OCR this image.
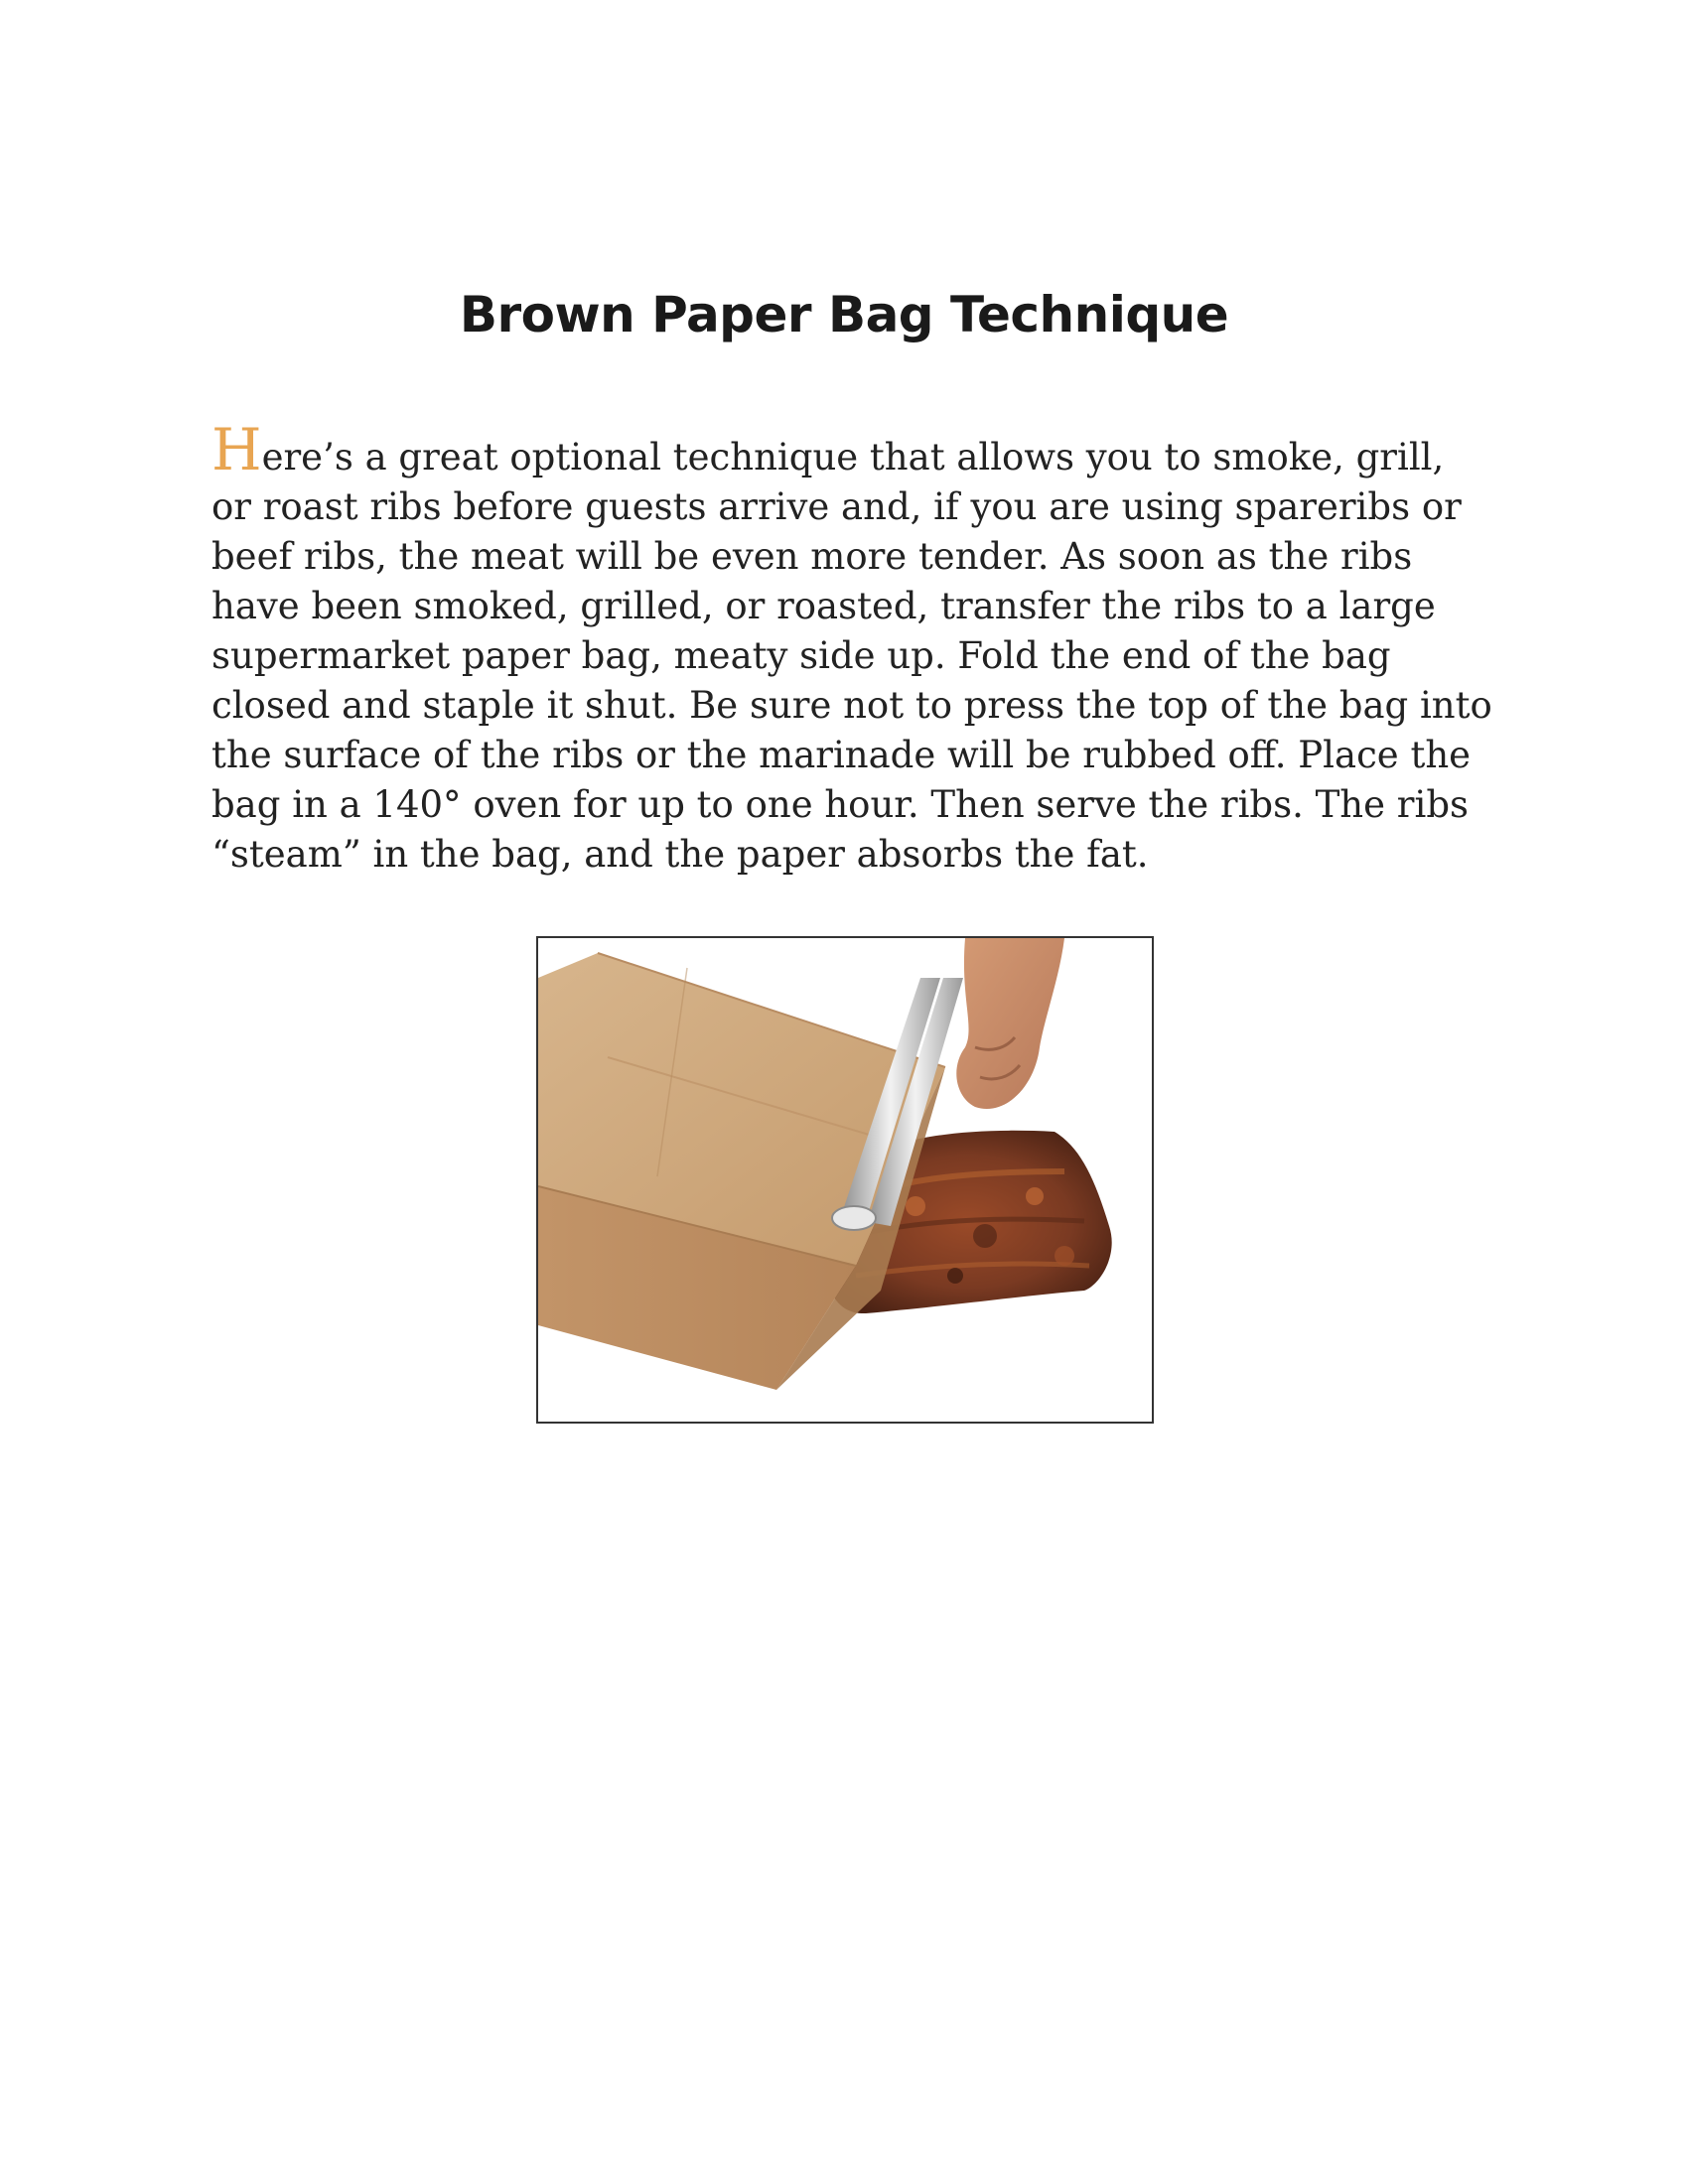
Brown Paper Bag Technique

Here’s a great optional technique that allows you to smoke, grill, or roast ribs before guests arrive and, if you are using spareribs or beef ribs, the meat will be even more tender. As soon as the ribs have been smoked, grilled, or roasted, transfer the ribs to a large supermarket paper bag, meaty side up. Fold the end of the bag closed and staple it shut. Be sure not to press the top of the bag into the surface of the ribs or the marinade will be rubbed off. Place the bag in a 140° oven for up to one hour. Then serve the ribs. The ribs “steam” in the bag, and the paper absorbs the fat.
